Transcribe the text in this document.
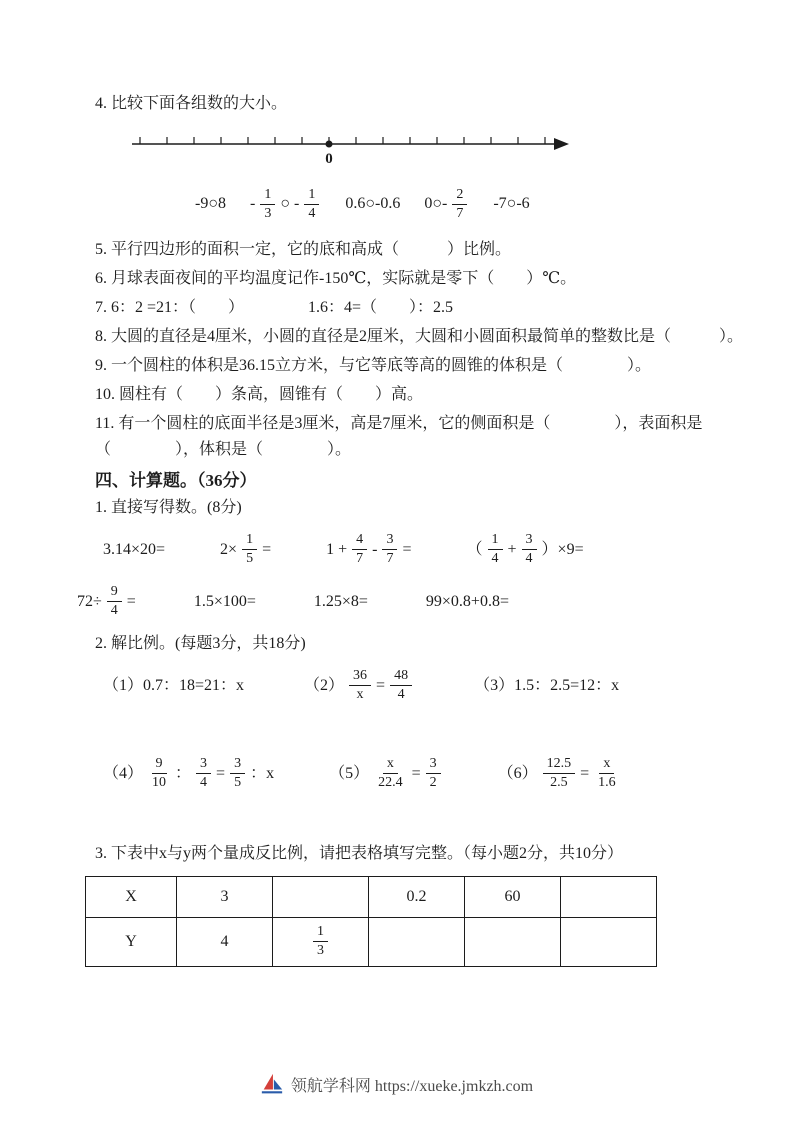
4. 比较下面各组数的大小。
0
-9○8 - $\frac{1}{3}$ ○ - $\frac{1}{4}$ 0.6○-0.6 0○- $\frac{2}{7}$ -7○-6
5. 平行四边形的面积一定，它的底和高成（　　　）比例。
6. 月球表面夜间的平均温度记作-150℃，实际就是零下（　　）℃。
7. 6：2 =21：（　　）	1.6：4=（　　）：2.5
8. 大圆的直径是4厘米，小圆的直径是2厘米，大圆和小圆面积最简单的整数比是（　　　）。
9. 一个圆柱的体积是36.15立方米，与它等底等高的圆锥的体积是（　　　　）。
10. 圆柱有（　　）条高，圆锥有（　　）高。
11. 有一个圆柱的底面半径是3厘米，高是7厘米，它的侧面积是（　　　　），表面积是
（　　　　），体积是（　　　　）。
四、计算题。（36分）
1. 直接写得数。(8分)
3.14×20=	$2\times \frac{1}{5}$ =	$1 + \frac{4}{7} - \frac{3}{7}$ =	（ $\frac{1}{4} + \frac{3}{4} )\times 9=$
$72\div \frac{9}{4}$ =	1.5×100=	1.25×8=	99×0.8+0.8=
2. 解比例。(每题3分，共18分)
（1）0.7：18=21：x	$(2) \frac{36}{x} = \frac{48}{4}$	（3）1.5：2.5=12：x
$(4) \frac{9}{10}$ ： $\frac{3}{4} = \frac{3}{5}$ ：x	$(5) \frac{x}{22.4} = \frac{3}{2}$	$(6) \frac{12.5}{2.5} = \frac{x}{1.6}$
3. 下表中x与y两个量成反比例，请把表格填写完整。（每小题2分，共10分）
X	3		0.2	60	
Y	4	$\frac{1}{3}$

领航学科网 https://xueke.jmkzh.com
